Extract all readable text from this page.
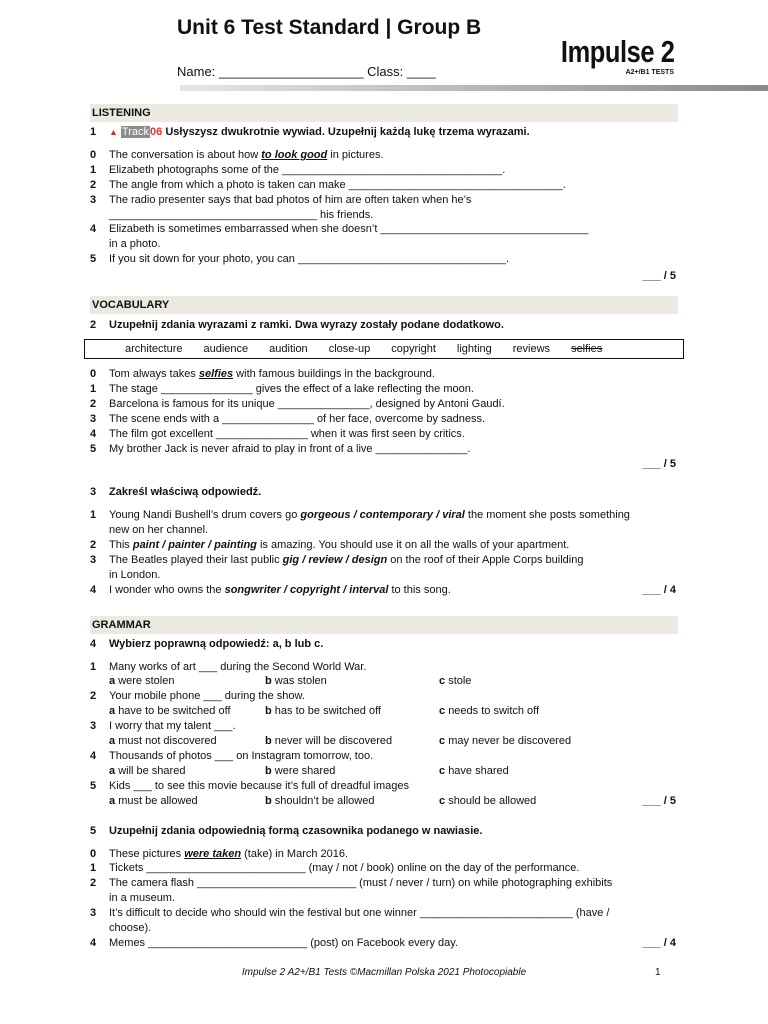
Unit 6 Test Standard | Group B
Name: ____________________ Class: ____
Impulse 2
A2+/B1 TESTS
LISTENING
1	▲ Track06 Usłyszysz dwukrotnie wywiad. Uzupełnij każdą lukę trzema wyrazami.
0	The conversation is about how to look good in pictures.
1	Elizabeth photographs some of the ____________________________________.
2	The angle from which a photo is taken can make ___________________________________.
3	The radio presenter says that bad photos of him are often taken when he’s
__________________________________ his friends.
4	Elizabeth is sometimes embarrassed when she doesn’t __________________________________
in a photo.
5	If you sit down for your photo, you can __________________________________.
___ / 5
VOCABULARY
2	Uzupełnij zdania wyrazami z ramki. Dwa wyrazy zostały podane dodatkowo.
architecture audience audition close-up copyright lighting reviews selfies
0	Tom always takes selfies with famous buildings in the background.
1	The stage _______________ gives the effect of a lake reflecting the moon.
2	Barcelona is famous for its unique _______________, designed by Antoni Gaudí.
3	The scene ends with a _______________ of her face, overcome by sadness.
4	The film got excellent _______________ when it was first seen by critics.
5	My brother Jack is never afraid to play in front of a live _______________.
___ / 5
3	Zakreśl właściwą odpowiedź.
1	Young Nandi Bushell’s drum covers go gorgeous / contemporary / viral the moment she posts something
new on her channel.
2	This paint / painter / painting is amazing. You should use it on all the walls of your apartment.
3	The Beatles played their last public gig / review / design on the roof of their Apple Corps building
in London.
4	I wonder who owns the songwriter / copyright / interval to this song.	___ / 4
GRAMMAR
4	Wybierz poprawną odpowiedź: a, b lub c.
1	Many works of art ___ during the Second World War.
a were stolen	b was stolen	c stole
2	Your mobile phone ___ during the show.
a have to be switched off	b has to be switched off	c needs to switch off
3	I worry that my talent ___.
a must not discovered	b never will be discovered	c may never be discovered
4	Thousands of photos ___ on Instagram tomorrow, too.
a will be shared	b were shared	c have shared
5	Kids ___ to see this movie because it’s full of dreadful images
a must be allowed	b shouldn’t be allowed	c should be allowed	___ / 5
5	Uzupełnij zdania odpowiednią formą czasownika podanego w nawiasie.
0	These pictures were taken (take) in March 2016.
1	Tickets __________________________ (may / not / book) online on the day of the performance.
2	The camera flash __________________________ (must / never / turn) on while photographing exhibits
in a museum.
3	It’s difficult to decide who should win the festival but one winner _________________________ (have /
choose).
4	Memes __________________________ (post) on Facebook every day.	___ / 4
Impulse 2 A2+/B1 Tests ©Macmillan Polska 2021 Photocopiable	1
